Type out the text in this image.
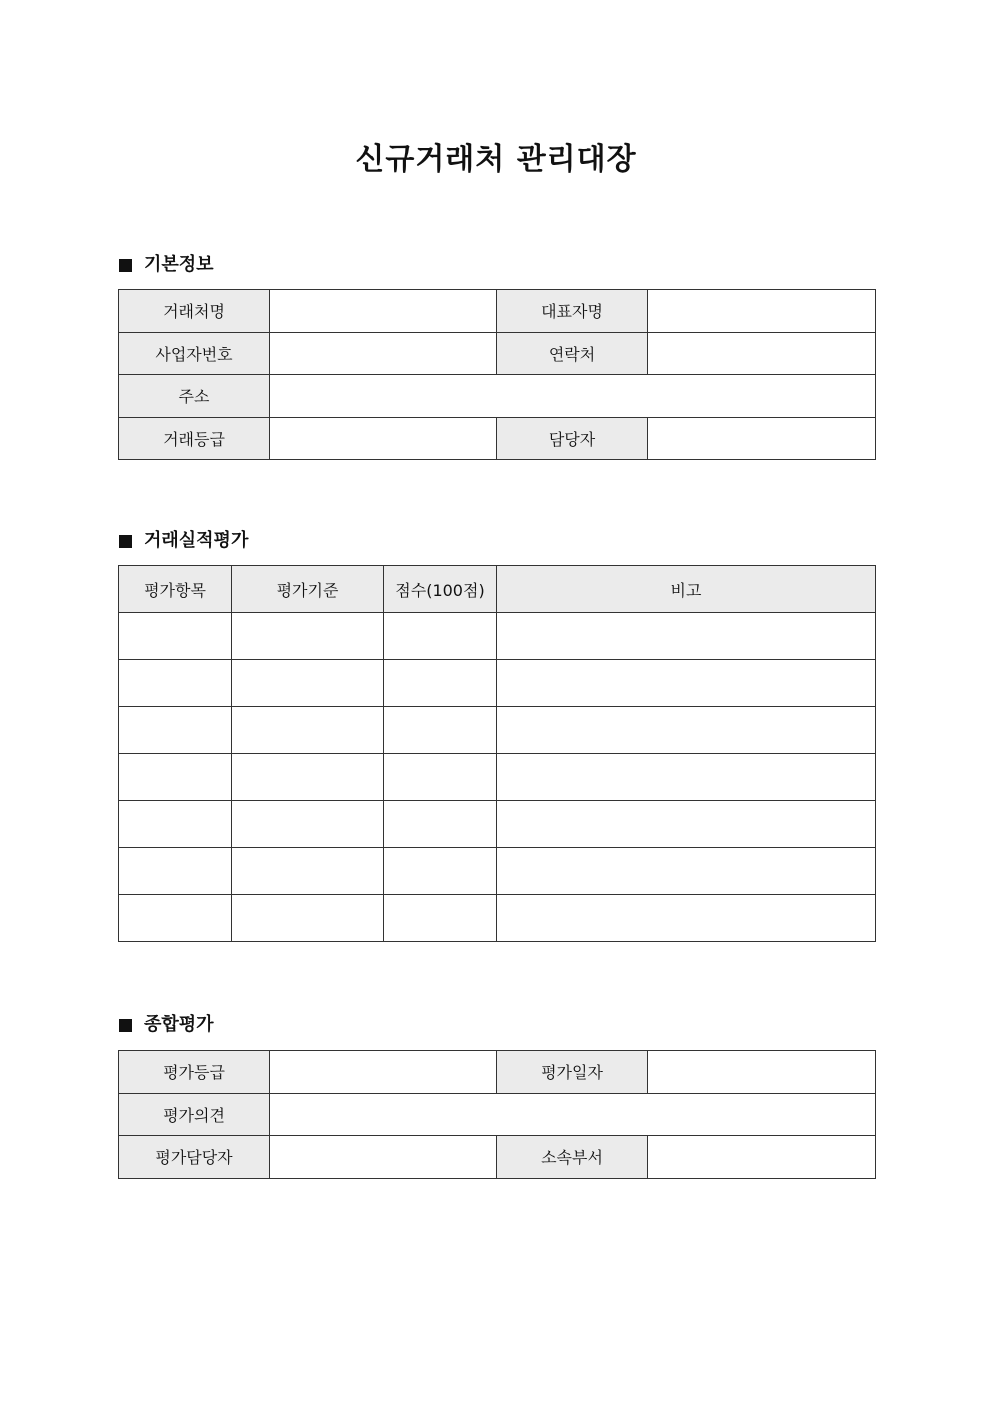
신규거래처 관리대장
기본정보
거래처명		대표자명	
사업자번호		연락처	
주소			
거래등급		담당자	
거래실적평가
평가항목	평가기준	점수(100점)	비고

종합평가
평가등급		평가일자	
평가의견			
평가담당자		소속부서	
